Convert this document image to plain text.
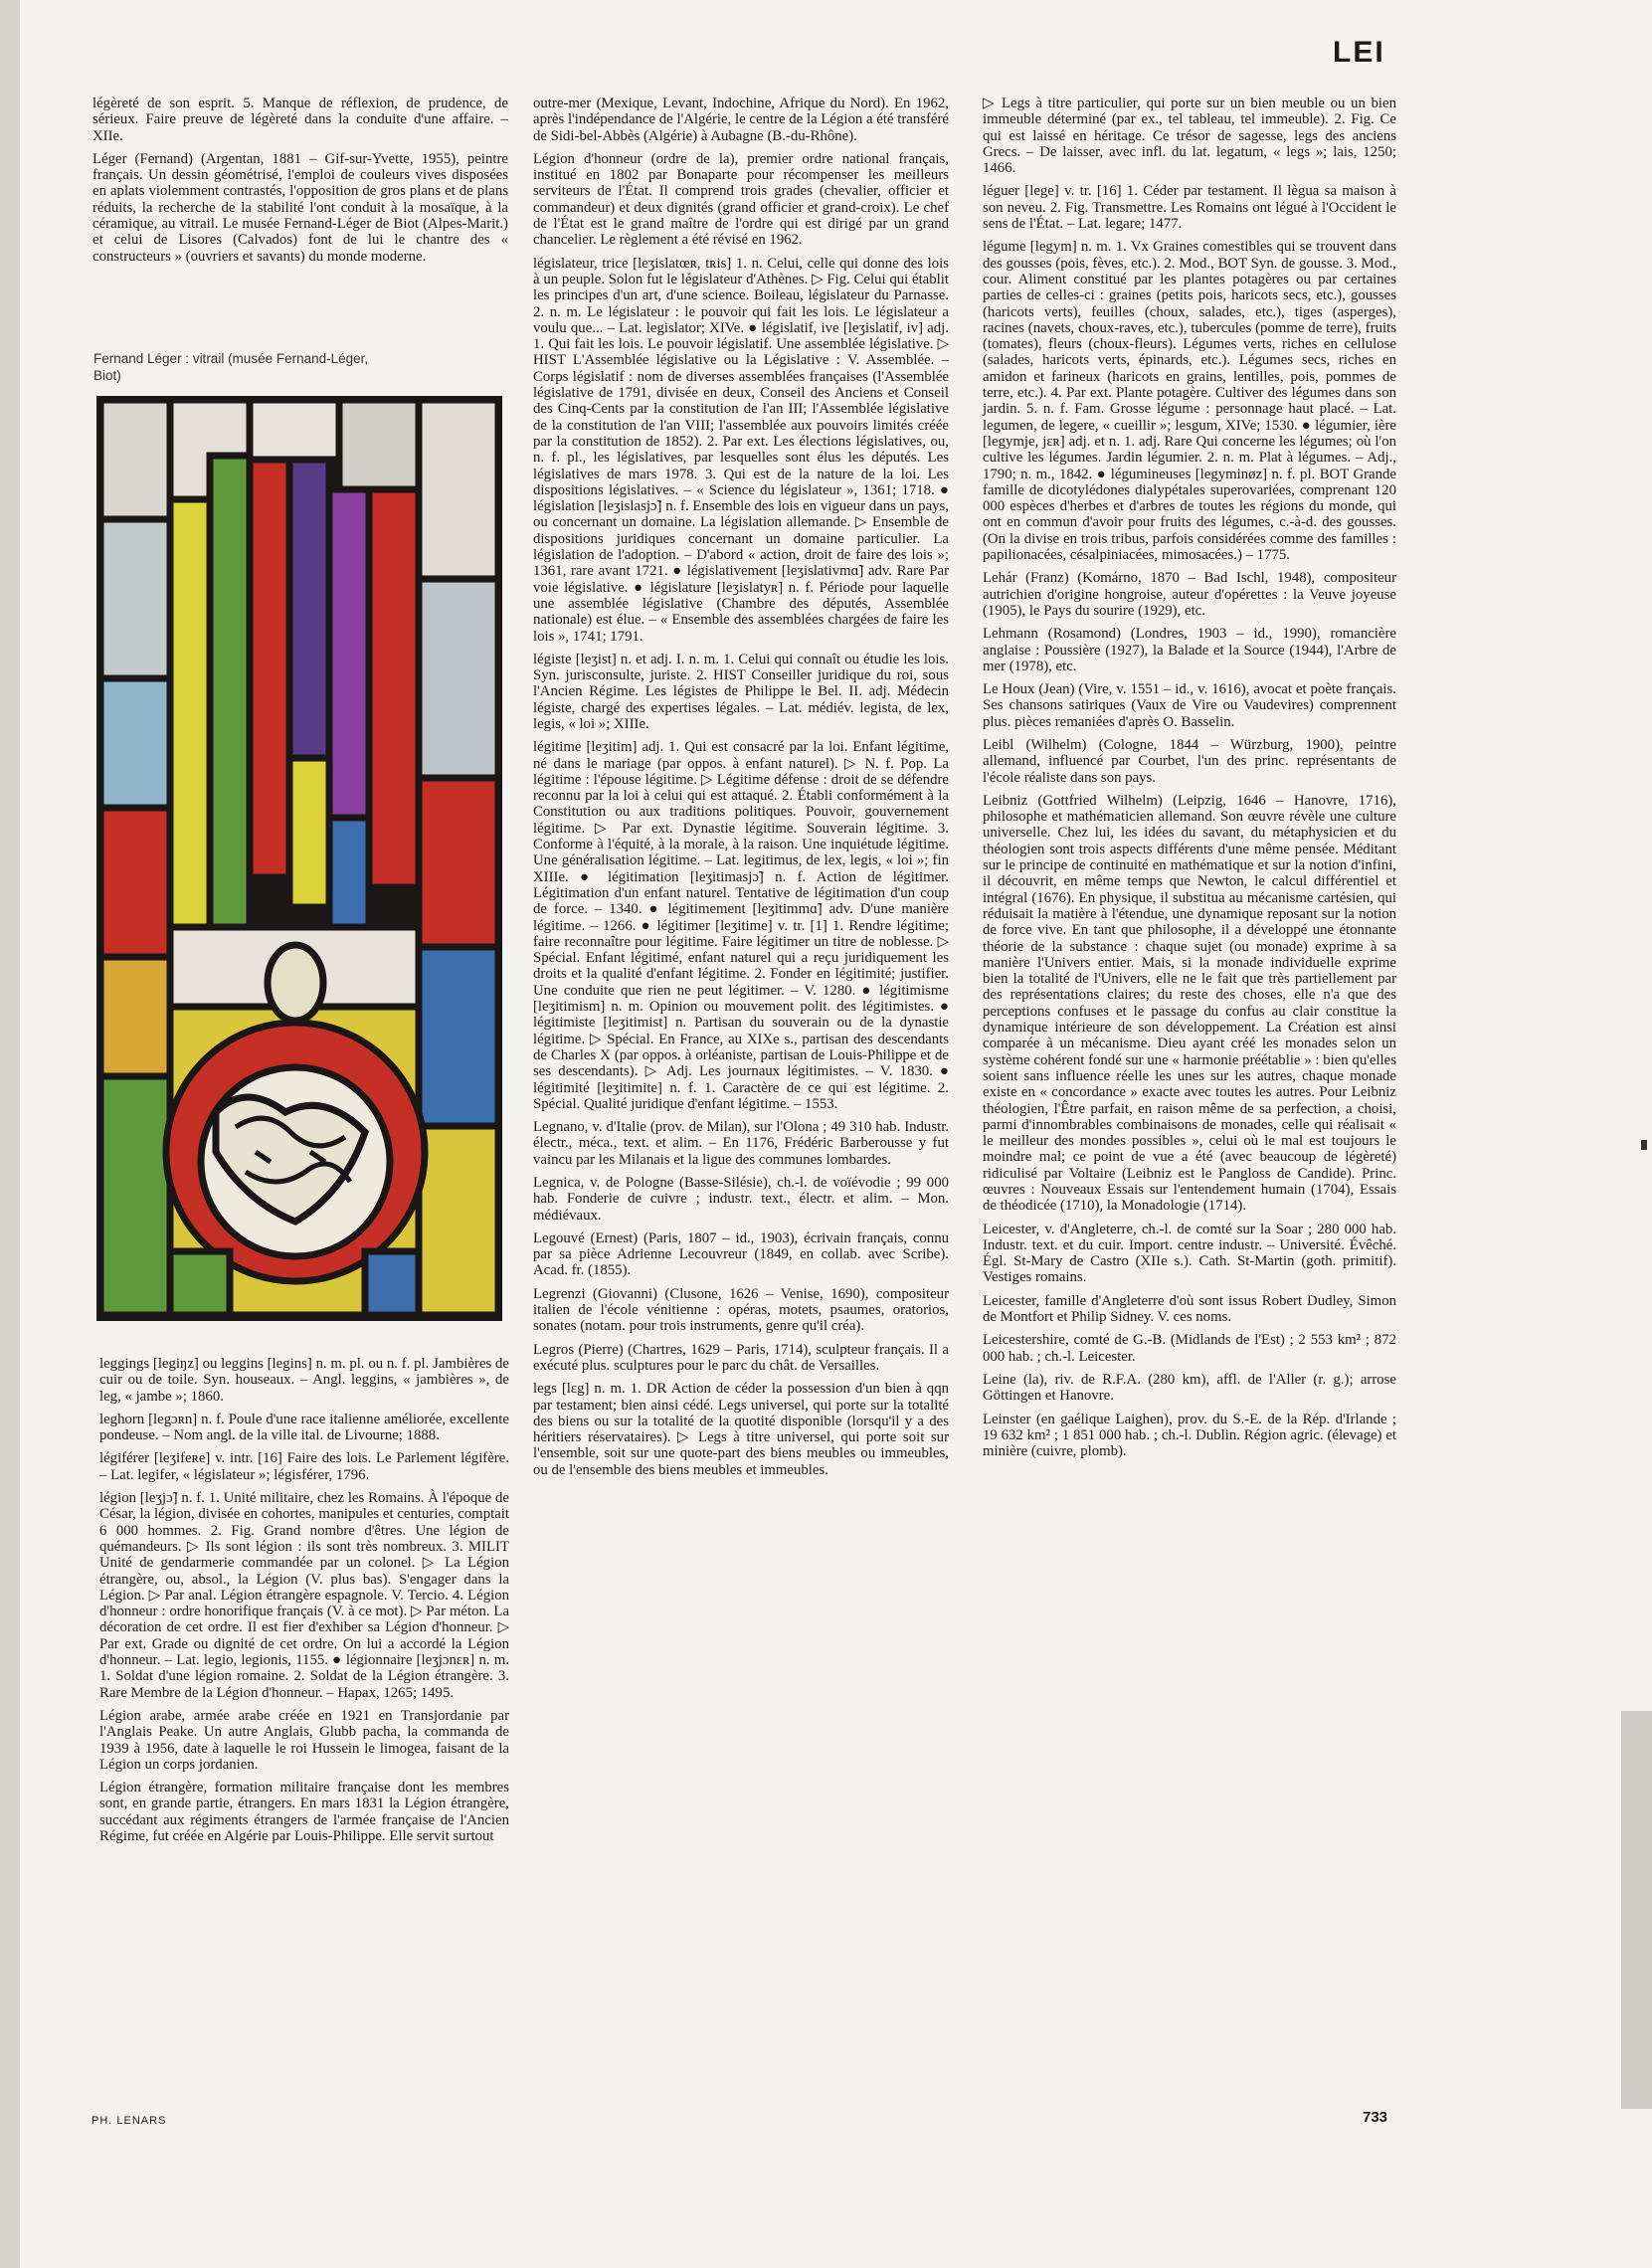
LEI

légèreté de son esprit. 5. Manque de réflexion, de prudence, de sérieux. Faire preuve de légèreté dans la conduite d'une affaire. – XIIe.

Léger (Fernand) (Argentan, 1881 – Gif-sur-Yvette, 1955), peintre français. Un dessin géométrisé, l'emploi de couleurs vives disposées en aplats violemment contrastés, l'opposition de gros plans et de plans réduits, la recherche de la stabilité l'ont conduit à la mosaïque, à la céramique, au vitrail. Le musée Fernand-Léger de Biot (Alpes-Marit.) et celui de Lisores (Calvados) font de lui le chantre des « constructeurs » (ouvriers et savants) du monde moderne.

Fernand Léger : vitrail (musée Fernand-Léger, Biot)

leggings [legiŋz] ou leggins [legins] n. m. pl. ou n. f. pl. Jambières de cuir ou de toile. Syn. houseaux. – Angl. leggins, « jambières », de leg, « jambe »; 1860.

leghorn [legɔʀn] n. f. Poule d'une race italienne améliorée, excellente pondeuse. – Nom angl. de la ville ital. de Livourne; 1888.

légiférer [leʒifeʀe] v. intr. [16] Faire des lois. Le Parlement légifère. – Lat. legifer, « législateur »; légisférer, 1796.

légion [leʒjɔ̃] n. f. 1. Unité militaire, chez les Romains. À l'époque de César, la légion, divisée en cohortes, manipules et centuries, comptait 6 000 hommes. 2. Fig. Grand nombre d'êtres. Une légion de quémandeurs. ▷ Ils sont légion : ils sont très nombreux. 3. MILIT Unité de gendarmerie commandée par un colonel. ▷ La Légion étrangère, ou, absol., la Légion (V. plus bas). S'engager dans la Légion. ▷ Par anal. Légion étrangère espagnole. V. Tercio. 4. Légion d'honneur : ordre honorifique français (V. à ce mot). ▷ Par méton. La décoration de cet ordre. Il est fier d'exhiber sa Légion d'honneur. ▷ Par ext. Grade ou dignité de cet ordre. On lui a accordé la Légion d'honneur. – Lat. legio, legionis, 1155. ● légionnaire [leʒjɔnɛʀ] n. m. 1. Soldat d'une légion romaine. 2. Soldat de la Légion étrangère. 3. Rare Membre de la Légion d'honneur. – Hapax, 1265; 1495.

Légion arabe, armée arabe créée en 1921 en Transjordanie par l'Anglais Peake. Un autre Anglais, Glubb pacha, la commanda de 1939 à 1956, date à laquelle le roi Hussein le limogea, faisant de la Légion un corps jordanien.

Légion étrangère, formation militaire française dont les membres sont, en grande partie, étrangers. En mars 1831 la Légion étrangère, succédant aux régiments étrangers de l'armée française de l'Ancien Régime, fut créée en Algérie par Louis-Philippe. Elle servit surtout

outre-mer (Mexique, Levant, Indochine, Afrique du Nord). En 1962, après l'indépendance de l'Algérie, le centre de la Légion a été transféré de Sidi-bel-Abbès (Algérie) à Aubagne (B.-du-Rhône).

Légion d'honneur (ordre de la), premier ordre national français, institué en 1802 par Bonaparte pour récompenser les meilleurs serviteurs de l'État. Il comprend trois grades (chevalier, officier et commandeur) et deux dignités (grand officier et grand-croix). Le chef de l'État est le grand maître de l'ordre qui est dirigé par un grand chancelier. Le règlement a été révisé en 1962.

législateur, trice [leʒislatœʀ, tʀis] 1. n. Celui, celle qui donne des lois à un peuple. Solon fut le législateur d'Athènes. ▷ Fig. Celui qui établit les principes d'un art, d'une science. Boileau, législateur du Parnasse. 2. n. m. Le législateur : le pouvoir qui fait les lois. Le législateur a voulu que... – Lat. legislator; XIVe. ● législatif, ive [leʒislatif, iv] adj. 1. Qui fait les lois. Le pouvoir législatif. Une assemblée législative. ▷ HIST L'Assemblée législative ou la Législative : V. Assemblée. – Corps législatif : nom de diverses assemblées françaises (l'Assemblée législative de 1791, divisée en deux, Conseil des Anciens et Conseil des Cinq-Cents par la constitution de l'an III; l'Assemblée législative de la constitution de l'an VIII; l'assemblée aux pouvoirs limités créée par la constitution de 1852). 2. Par ext. Les élections législatives, ou, n. f. pl., les législatives, par lesquelles sont élus les députés. Les législatives de mars 1978. 3. Qui est de la nature de la loi. Les dispositions législatives. – « Science du législateur », 1361; 1718. ● législation [leʒislasjɔ̃] n. f. Ensemble des lois en vigueur dans un pays, ou concernant un domaine. La législation allemande. ▷ Ensemble de dispositions juridiques concernant un domaine particulier. La législation de l'adoption. – D'abord « action, droit de faire des lois »; 1361, rare avant 1721. ● législativement [leʒislativmɑ̃] adv. Rare Par voie législative. ● législature [leʒislatyʀ] n. f. Période pour laquelle une assemblée législative (Chambre des députés, Assemblée nationale) est élue. – « Ensemble des assemblées chargées de faire les lois », 1741; 1791.

légiste [leʒist] n. et adj. I. n. m. 1. Celui qui connaît ou étudie les lois. Syn. jurisconsulte, juriste. 2. HIST Conseiller juridique du roi, sous l'Ancien Régime. Les légistes de Philippe le Bel. II. adj. Médecin légiste, chargé des expertises légales. – Lat. médiév. legista, de lex, legis, « loi »; XIIIe.

légitime [leʒitim] adj. 1. Qui est consacré par la loi. Enfant légitime, né dans le mariage (par oppos. à enfant naturel). ▷ N. f. Pop. La légitime : l'épouse légitime. ▷ Légitime défense : droit de se défendre reconnu par la loi à celui qui est attaqué. 2. Établi conformément à la Constitution ou aux traditions politiques. Pouvoir, gouvernement légitime. ▷ Par ext. Dynastie légitime. Souverain légitime. 3. Conforme à l'équité, à la morale, à la raison. Une inquiétude légitime. Une généralisation légitime. – Lat. legitimus, de lex, legis, « loi »; fin XIIIe. ● légitimation [leʒitimasjɔ̃] n. f. Action de légitimer. Légitimation d'un enfant naturel. Tentative de légitimation d'un coup de force. – 1340. ● légitimement [leʒitimmɑ̃] adv. D'une manière légitime. – 1266. ● légitimer [leʒitime] v. tr. [1] 1. Rendre légitime; faire reconnaître pour légitime. Faire légitimer un titre de noblesse. ▷ Spécial. Enfant légitimé, enfant naturel qui a reçu juridiquement les droits et la qualité d'enfant légitime. 2. Fonder en légitimité; justifier. Une conduite que rien ne peut légitimer. – V. 1280. ● légitimisme [leʒitimism] n. m. Opinion ou mouvement polit. des légitimistes. ● légitimiste [leʒitimist] n. Partisan du souverain ou de la dynastie légitime. ▷ Spécial. En France, au XIXe s., partisan des descendants de Charles X (par oppos. à orléaniste, partisan de Louis-Philippe et de ses descendants). ▷ Adj. Les journaux légitimistes. – V. 1830. ● légitimité [leʒitimite] n. f. 1. Caractère de ce qui est légitime. 2. Spécial. Qualité juridique d'enfant légitime. – 1553.

Legnano, v. d'Italie (prov. de Milan), sur l'Olona ; 49 310 hab. Industr. électr., méca., text. et alim. – En 1176, Frédéric Barberousse y fut vaincu par les Milanais et la ligue des communes lombardes.

Legnica, v. de Pologne (Basse-Silésie), ch.-l. de voïévodie ; 99 000 hab. Fonderie de cuivre ; industr. text., électr. et alim. – Mon. médiévaux.

Legouvé (Ernest) (Paris, 1807 – id., 1903), écrivain français, connu par sa pièce Adrienne Lecouvreur (1849, en collab. avec Scribe). Acad. fr. (1855).

Legrenzi (Giovanni) (Clusone, 1626 – Venise, 1690), compositeur italien de l'école vénitienne : opéras, motets, psaumes, oratorios, sonates (notam. pour trois instruments, genre qu'il créa).

Legros (Pierre) (Chartres, 1629 – Paris, 1714), sculpteur français. Il a exécuté plus. sculptures pour le parc du chât. de Versailles.

legs [lɛg] n. m. 1. DR Action de céder la possession d'un bien à qqn par testament; bien ainsi cédé. Legs universel, qui porte sur la totalité des biens ou sur la totalité de la quotité disponible (lorsqu'il y a des héritiers réservataires). ▷ Legs à titre universel, qui porte soit sur l'ensemble, soit sur une quote-part des biens meubles ou immeubles, ou de l'ensemble des biens meubles et immeubles.

▷ Legs à titre particulier, qui porte sur un bien meuble ou un bien immeuble déterminé (par ex., tel tableau, tel immeuble). 2. Fig. Ce qui est laissé en héritage. Ce trésor de sagesse, legs des anciens Grecs. – De laisser, avec infl. du lat. legatum, « legs »; lais, 1250; 1466.

léguer [lege] v. tr. [16] 1. Céder par testament. Il lègua sa maison à son neveu. 2. Fig. Transmettre. Les Romains ont légué à l'Occident le sens de l'État. – Lat. legare; 1477.

légume [legym] n. m. 1. Vx Graines comestibles qui se trouvent dans des gousses (pois, fèves, etc.). 2. Mod., BOT Syn. de gousse. 3. Mod., cour. Aliment constitué par les plantes potagères ou par certaines parties de celles-ci : graines (petits pois, haricots secs, etc.), gousses (haricots verts), feuilles (choux, salades, etc.), tiges (asperges), racines (navets, choux-raves, etc.), tubercules (pomme de terre), fruits (tomates), fleurs (choux-fleurs). Légumes verts, riches en cellulose (salades, haricots verts, épinards, etc.). Légumes secs, riches en amidon et farineux (haricots en grains, lentilles, pois, pommes de terre, etc.). 4. Par ext. Plante potagère. Cultiver des légumes dans son jardin. 5. n. f. Fam. Grosse légume : personnage haut placé. – Lat. legumen, de legere, « cueillir »; lesgum, XIVe; 1530. ● légumier, ière [legymje, jɛʀ] adj. et n. 1. adj. Rare Qui concerne les légumes; où l'on cultive les légumes. Jardin légumier. 2. n. m. Plat à légumes. – Adj., 1790; n. m., 1842. ● légumineuses [legyminøz] n. f. pl. BOT Grande famille de dicotylédones dialypétales superovariées, comprenant 120 000 espèces d'herbes et d'arbres de toutes les régions du monde, qui ont en commun d'avoir pour fruits des légumes, c.-à-d. des gousses. (On la divise en trois tribus, parfois considérées comme des familles : papilionacées, césalpiniacées, mimosacées.) – 1775.

Lehár (Franz) (Komárno, 1870 – Bad Ischl, 1948), compositeur autrichien d'origine hongroise, auteur d'opérettes : la Veuve joyeuse (1905), le Pays du sourire (1929), etc.

Lehmann (Rosamond) (Londres, 1903 – id., 1990), romancière anglaise : Poussière (1927), la Balade et la Source (1944), l'Arbre de mer (1978), etc.

Le Houx (Jean) (Vire, v. 1551 – id., v. 1616), avocat et poète français. Ses chansons satiriques (Vaux de Vire ou Vaudevires) comprennent plus. pièces remaniées d'après O. Basselin.

Leibl (Wilhelm) (Cologne, 1844 – Würzburg, 1900), peintre allemand, influencé par Courbet, l'un des princ. représentants de l'école réaliste dans son pays.

Leibniz (Gottfried Wilhelm) (Leipzig, 1646 – Hanovre, 1716), philosophe et mathématicien allemand. Son œuvre révèle une culture universelle. Chez lui, les idées du savant, du métaphysicien et du théologien sont trois aspects différents d'une même pensée. Méditant sur le principe de continuité en mathématique et sur la notion d'infini, il découvrit, en même temps que Newton, le calcul différentiel et intégral (1676). En physique, il substitua au mécanisme cartésien, qui réduisait la matière à l'étendue, une dynamique reposant sur la notion de force vive. En tant que philosophe, il a développé une étonnante théorie de la substance : chaque sujet (ou monade) exprime à sa manière l'Univers entier. Mais, si la monade individuelle exprime bien la totalité de l'Univers, elle ne le fait que très partiellement par des représentations claires; du reste des choses, elle n'a que des perceptions confuses et le passage du confus au clair constitue la dynamique intérieure de son développement. La Création est ainsi comparée à un mécanisme. Dieu ayant créé les monades selon un système cohérent fondé sur une « harmonie préétablie » : bien qu'elles soient sans influence réelle les unes sur les autres, chaque monade existe en « concordance » exacte avec toutes les autres. Pour Leibniz théologien, l'Être parfait, en raison même de sa perfection, a choisi, parmi d'innombrables combinaisons de monades, celle qui réalisait « le meilleur des mondes possibles », celui où le mal est toujours le moindre mal; ce point de vue a été (avec beaucoup de légèreté) ridiculisé par Voltaire (Leibniz est le Pangloss de Candide). Princ. œuvres : Nouveaux Essais sur l'entendement humain (1704), Essais de théodicée (1710), la Monadologie (1714).

Leicester, v. d'Angleterre, ch.-l. de comté sur la Soar ; 280 000 hab. Industr. text. et du cuir. Import. centre industr. – Université. Évêché. Égl. St-Mary de Castro (XIIe s.). Cath. St-Martin (goth. primitif). Vestiges romains.

Leicester, famille d'Angleterre d'où sont issus Robert Dudley, Simon de Montfort et Philip Sidney. V. ces noms.

Leicestershire, comté de G.-B. (Midlands de l'Est) ; 2 553 km² ; 872 000 hab. ; ch.-l. Leicester.

Leine (la), riv. de R.F.A. (280 km), affl. de l'Aller (r. g.); arrose Göttingen et Hanovre.

Leinster (en gaélique Laighen), prov. du S.-E. de la Rép. d'Irlande ; 19 632 km² ; 1 851 000 hab. ; ch.-l. Dublin. Région agric. (élevage) et minière (cuivre, plomb).

PH. LENARS	733
